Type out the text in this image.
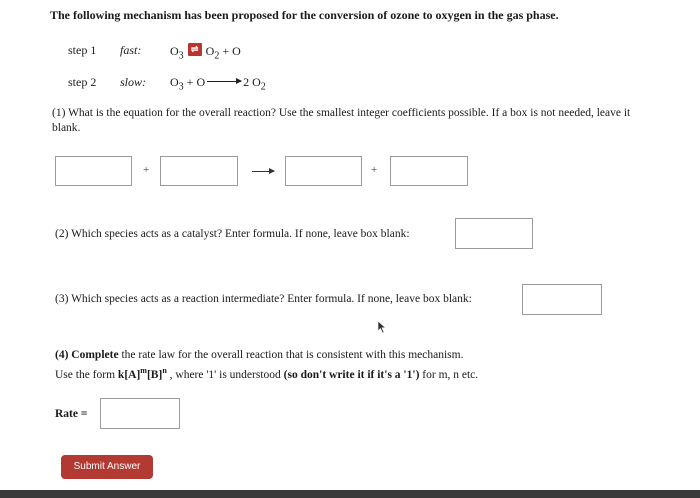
The following mechanism has been proposed for the conversion of ozone to oxygen in the gas phase.
step 1 fast: $O_3\rightleftharpoons$ $O_2 + O$
step 2 slow: $O_3 + O \to 2$ $O_2$
(1) What is the equation for the overall reaction? Use the smallest integer coefficients possible. If a box is not needed, leave it blank.
+	+
(2) Which species acts as a catalyst? Enter formula. If none, leave box blank:
(3) Which species acts as a reaction intermediate? Enter formula. If none, leave box blank:
(4) Complete the rate law for the overall reaction that is consistent with this mechanism.
Use the form $k[A]^m[B]^n$ , where '1' is understood (so don't write it if it's a '1') for m, n etc.
Rate =
Submit Answer
